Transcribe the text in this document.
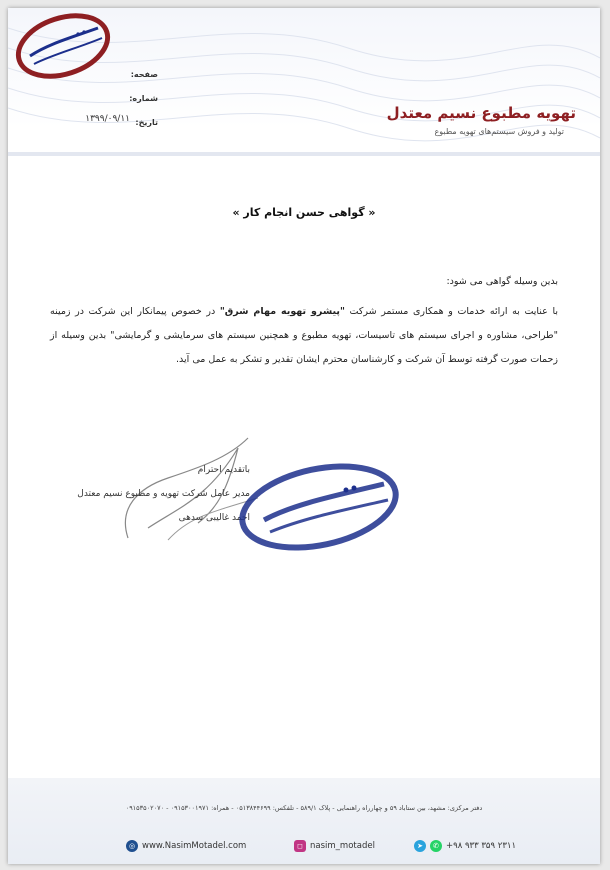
تهویه مطبوع نسیم معتدل
تولید و فروش سیستم‌های تهویه مطبوع
صفحه:
شماره:
تاریخ:
۱۳۹۹/۰۹/۱۱
« گواهی حسن انجام کار »

بدین وسیله گواهی می شود:

با عنایت به ارائه خدمات و همکاری مستمر شرکت "پیشرو تهویه مهام شرق" در خصوص پیمانکار این شرکت در زمینه "طراحی، مشاوره و اجرای سیستم های تاسیسات، تهویه مطبوع و همچنین سیستم های سرمایشی و گرمایشی" بدین وسیله از زحمات صورت گرفته توسط آن شرکت و کارشناسان محترم ایشان تقدیر و تشکر به عمل می آید.

باتقدیم احترام
مدیر عامل شرکت تهویه و مطبوع نسیم معتدل
احمد غالیبی سدهی
دفتر مرکزی: مشهد، بین ستاباد ۵۹ و چهارراه راهنمایی - پلاک ۵۸۹/۱ - تلفکس: ۰۵۱۳۸۴۴۶۹۹ - همراه: ۰۹۱۵۳۰۰۱۹۷۱ - ۰۹۱۵۳۵۰۲۰۷۰
◎ www.NasimMotadel.com	◻ nasim_motadel	➤	✆ +۹۸ ۹۳۳ ۳۵۹ ۲۳۱۱
